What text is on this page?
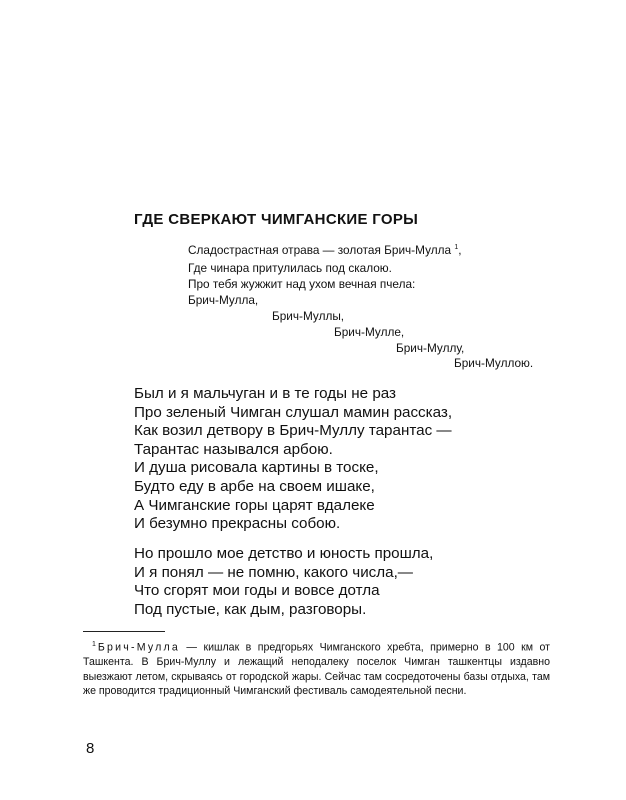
ГДЕ СВЕРКАЮТ ЧИМГАНСКИЕ ГОРЫ
Сладострастная отрава — золотая Брич-Мулла $^1$,
Где чинара притулилась под скалою.
Про тебя жужжит над ухом вечная пчела:
Брич-Мулла,
Брич-Муллы,
Брич-Мулле,
Брич-Муллу,
Брич-Муллою.
Был и я мальчуган и в те годы не раз
Про зеленый Чимган слушал мамин рассказ,
Как возил детвору в Брич-Муллу тарантас —
Тарантас назывался арбою.
И душа рисовала картины в тоске,
Будто еду в арбе на своем ишаке,
А Чимганские горы царят вдалеке
И безумно прекрасны собою.
Но прошло мое детство и юность прошла,
И я понял — не помню, какого числа,—
Что сгорят мои годы и вовсе дотла
Под пустые, как дым, разговоры.

$^1$ Брич-Мулла — кишлак в предгорьях Чимганского хребта, примерно в 100 км от Ташкента. В Брич-Муллу и лежащий неподалеку поселок Чимган ташкентцы издавно выезжают летом, скрываясь от городской жары. Сейчас там сосредоточены базы отдыха, там же проводится традиционный Чимганский фестиваль самодеятельной песни.

8
